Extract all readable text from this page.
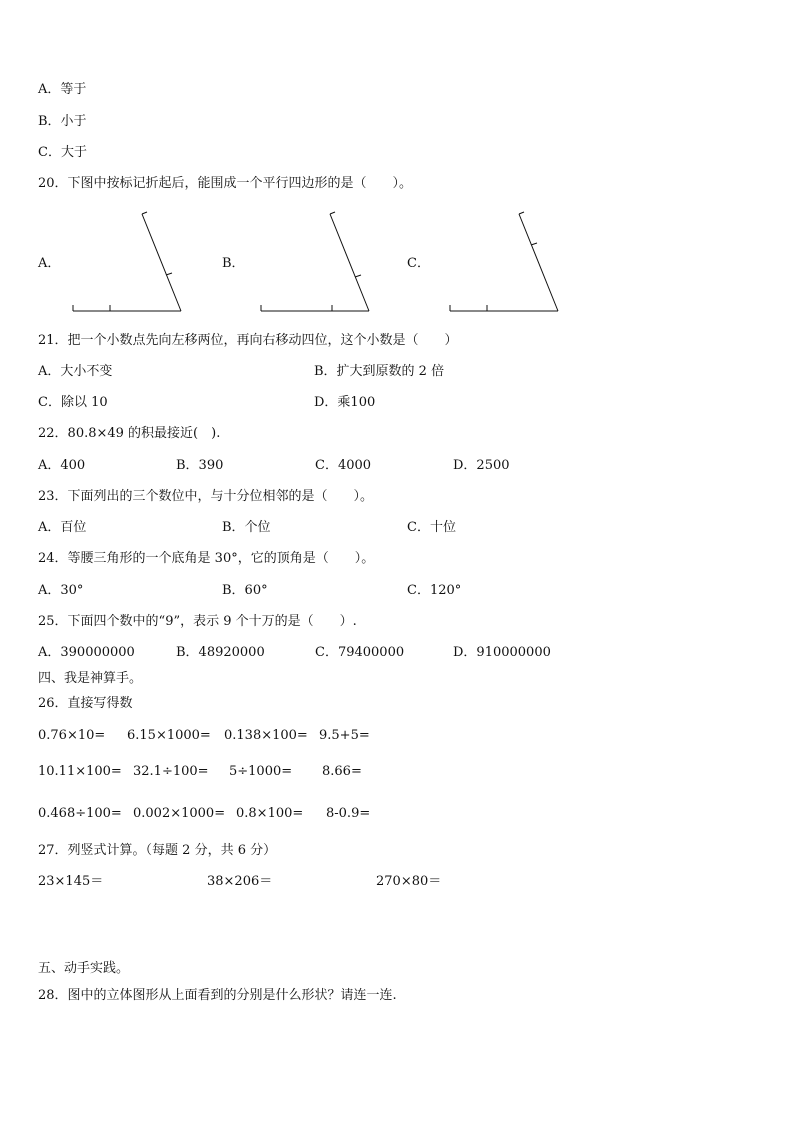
A．等于
B．小于
C．大于
20．下图中按标记折起后，能围成一个平行四边形的是（　　）。
A．	B．	C．
21．把一个小数点先向左移两位，再向右移动四位，这个小数是（　　）
A．大小不变	B．扩大到原数的 2 倍
C．除以 10	D．乘100
22．80.8×49 的积最接近(　).
A．400	B．390	C．4000	D．2500
23．下面列出的三个数位中，与十分位相邻的是（　　）。
A．百位	B．个位	C．十位
24．等腰三角形的一个底角是 30°，它的顶角是（　　）。
A．30°	B．60°	C．120°
25．下面四个数中的“9”，表示 9 个十万的是（　　）.
A．390000000	B．48920000	C．79400000	D．910000000
四、我是神算手。
26．直接写得数
0.76×10= 6.15×1000= 0.138×100= 9.5+5=
10.11×100= 32.1÷100= 5÷1000= 8.66=
0.468÷100= 0.002×1000= 0.8×100= 8-0.9=
27．列竖式计算。（每题 2 分，共 6 分）
23×145＝	38×206＝	270×80＝
五、动手实践。
28．图中的立体图形从上面看到的分别是什么形状？请连一连.
